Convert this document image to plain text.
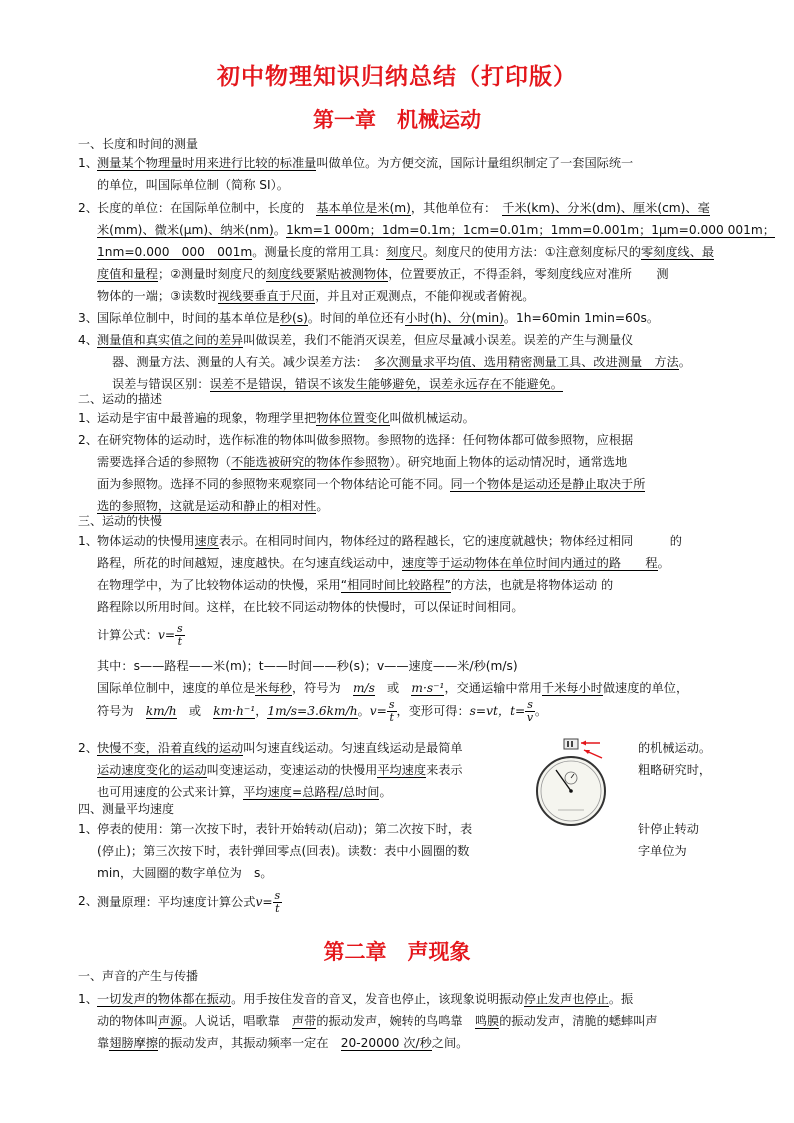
初中物理知识归纳总结（打印版）
第一章　机械运动
一、长度和时间的测量
1、 测量某个物理量时用来进行比较的标准量叫做单位。为方便交流，国际计量组织制定了一套国际统一
的单位，叫国际单位制（简称 SI）。
2、 长度的单位：在国际单位制中，长度的　 基本单位是米(m)，其他单位有：　 千米(km)、分米(dm)、厘米(cm)、毫
米(mm)、微米(μm)、纳米(nm)。1km=1 000m；1dm=0.1m；1cm=0.01m；1mm=0.001m；1μm=0.000 001m；
1nm=0.000　000　001m。测量长度的常用工具：刻度尺。刻度尺的使用方法：①注意刻度标尺的零刻度线、最
度值和量程；②测量时刻度尺的刻度线要紧贴被测物体，位置要放正，不得歪斜，零刻度线应对准所　　测
物体的一端；③读数时视线要垂直于尺面，并且对正观测点，不能仰视或者俯视。
3、 国际单位制中，时间的基本单位是秒(s)。时间的单位还有小时(h)、分(min)。1h=60min 1min=60s。
4、 测量值和真实值之间的差异叫做误差，我们不能消灭误差，但应尽量减小误差。误差的产生与测量仪
器、测量方法、测量的人有关。减少误差方法：　 多次测量求平均值、选用精密测量工具、改进测量　方法。
误差与错误区别：误差不是错误，错误不该发生能够避免，误差永远存在不能避免。
二、运动的描述
1、 运动是宇宙中最普遍的现象，物理学里把物体位置变化叫做机械运动。
2、 在研究物体的运动时，选作标准的物体叫做参照物。参照物的选择：任何物体都可做参照物，应根据
需要选择合适的参照物（不能选被研究的物体作参照物）。研究地面上物体的运动情况时，通常选地
面为参照物。选择不同的参照物来观察同一个物体结论可能不同。同一个物体是运动还是静止取决于所
选的参照物，这就是运动和静止的相对性。
三、运动的快慢
1、 物体运动的快慢用速度表示。在相同时间内，物体经过的路程越长，它的速度就越快；物体经过相同　　　的
路程，所花的时间越短，速度越快。在匀速直线运动中，速度等于运动物体在单位时间内通过的路　　程。
在物理学中，为了比较物体运动的快慢，采用“相同时间比较路程”的方法，也就是将物体运动 的
路程除以所用时间。这样，在比较不同运动物体的快慢时，可以保证时间相同。
计算公式：$v= \frac{s}{t}$
其中：s——路程——米(m)；t——时间——秒(s)；v——速度——米/秒(m/s)
国际单位制中，速度的单位是米每秒，符号为　 m/s　 或　 m·s⁻¹，交通运输中常用千米每小时做速度的单位，
符号为　 km/h　 或　 km·h⁻¹，1m/s=3.6km/h。$v= \frac{s}{t}$ ，变形可得：s=vt，$t= \frac{s}{v}$ 。
2、 快慢不变，沿着直线的运动叫匀速直线运动。匀速直线运动是最简单	的机械运动。
运动速度变化的运动叫变速运动，变速运动的快慢用平均速度来表示	粗略研究时，
也可用速度的公式来计算，平均速度=总路程/总时间。
四、测量平均速度
1、 停表的使用：第一次按下时，表针开始转动(启动)；第二次按下时，表	针停止转动
(停止)；第三次按下时，表针弹回零点(回表)。读数：表中小圆圈的数	字单位为
min，大圆圈的数字单位为　s。
2、 测量原理：平均速度计算公式$v= \frac{s}{t}$
第二章　声现象
一、声音的产生与传播
1、 一切发声的物体都在振动。用手按住发音的音叉，发音也停止，该现象说明振动停止发声也停止。振
动的物体叫声源。人说话，唱歌靠　 声带的振动发声，婉转的鸟鸣靠　 鸣膜的振动发声，清脆的蟋蟀叫声
靠翅膀摩擦的振动发声，其振动频率一定在　 20-20000 次/秒之间。
